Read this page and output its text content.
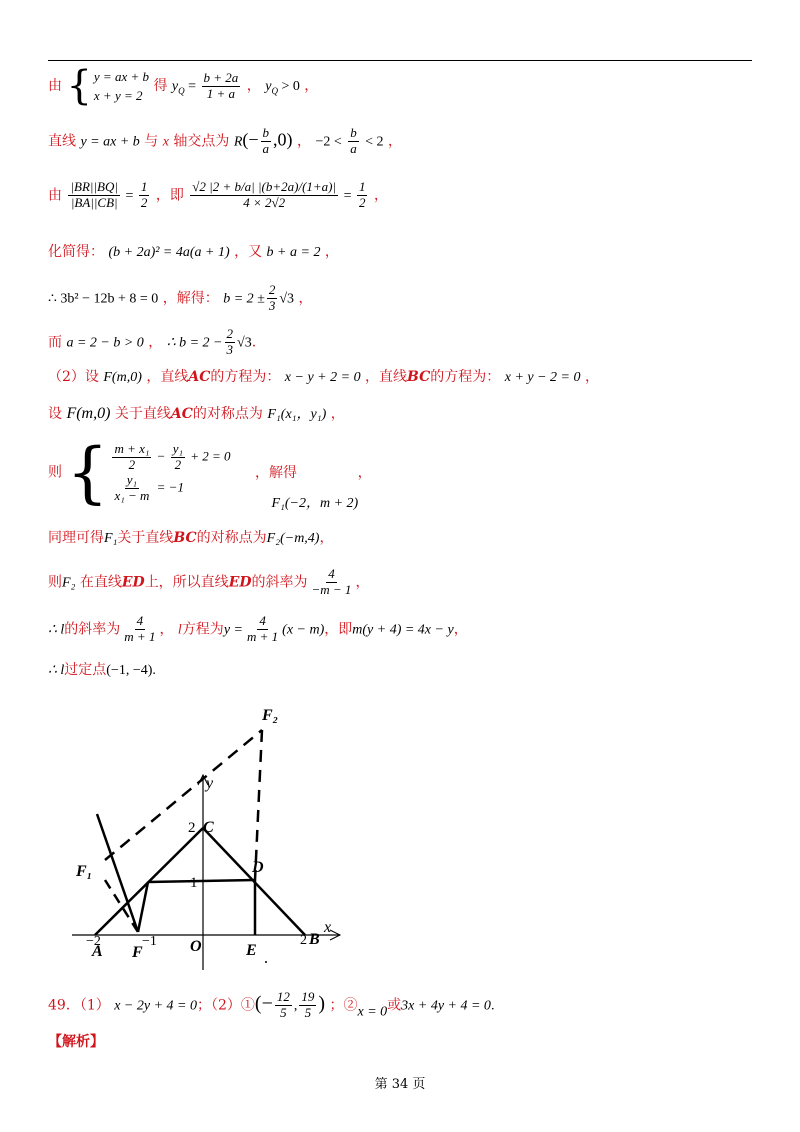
由 { y = ax + b
x + y = 2
得 $y_Q = \frac{b + 2a}{1 + a}$ ， $y_Q > 0$ ，
直线 y = ax + b 与 x 轴交点为 $R(- \frac{b}{a} ,0)$ ， $-2 < \frac{b}{a} < 2$ ，
由 $\frac{|BR||BQ|}{|BA||CB|} = \frac{1}{2}$ ，即 $\frac{√2 |2 + b/a| |(b+2a)/(1+a)|}{4 \times 2√2} = \frac{1}{2}$ ，
化简得： (b + 2a)² = 4a(a + 1) ，又 b + a = 2 ，
∴ 3b² − 12b + 8 = 0 ，解得： $b = 2 \pm \frac{2}{3} √3$ ，
而 a = 2 − b > 0 ， ∴ $b = 2 - \frac{2}{3} √3$.
（2）设 F(m,0) ，直线AC的方程为： x − y + 2 = 0 ，直线BC的方程为： x + y − 2 = 0 ，
设 F(m,0) 关于直线AC的对称点为 F₁(x₁，y₁) ，
则 { $\frac{\text{m + x₁}}{2} - \frac{\text{y₁}}{2} + 2 = 0$
$\frac{\text{y₁}}{\text{x₁ − m}} = -1$
，解得 F₁(−2，m + 2) ，
同理可得F₁关于直线BC的对称点为F₂(−m,4)，
则F₂ 在直线ED上，所以直线ED的斜率为 $\frac{4}{-m - 1}$ ，
∴ l的斜率为 $\frac{4}{m + 1}$ ， l方程为$y = \frac{4}{m + 1} (x - m)$，即m(y + 4) = 4x − y，
∴ l过定点(−1, −4).
F₂
y
2 C
F₁
1
D
−2
A
−1
F	O	E
2 B
x
49．（1） x − 2y + 4 = 0；（2）①(− $\frac{12}{5}$ , $\frac{19}{5}$ ) ；②x = 0或3x + 4y + 4 = 0.
【解析】
第 34 页
